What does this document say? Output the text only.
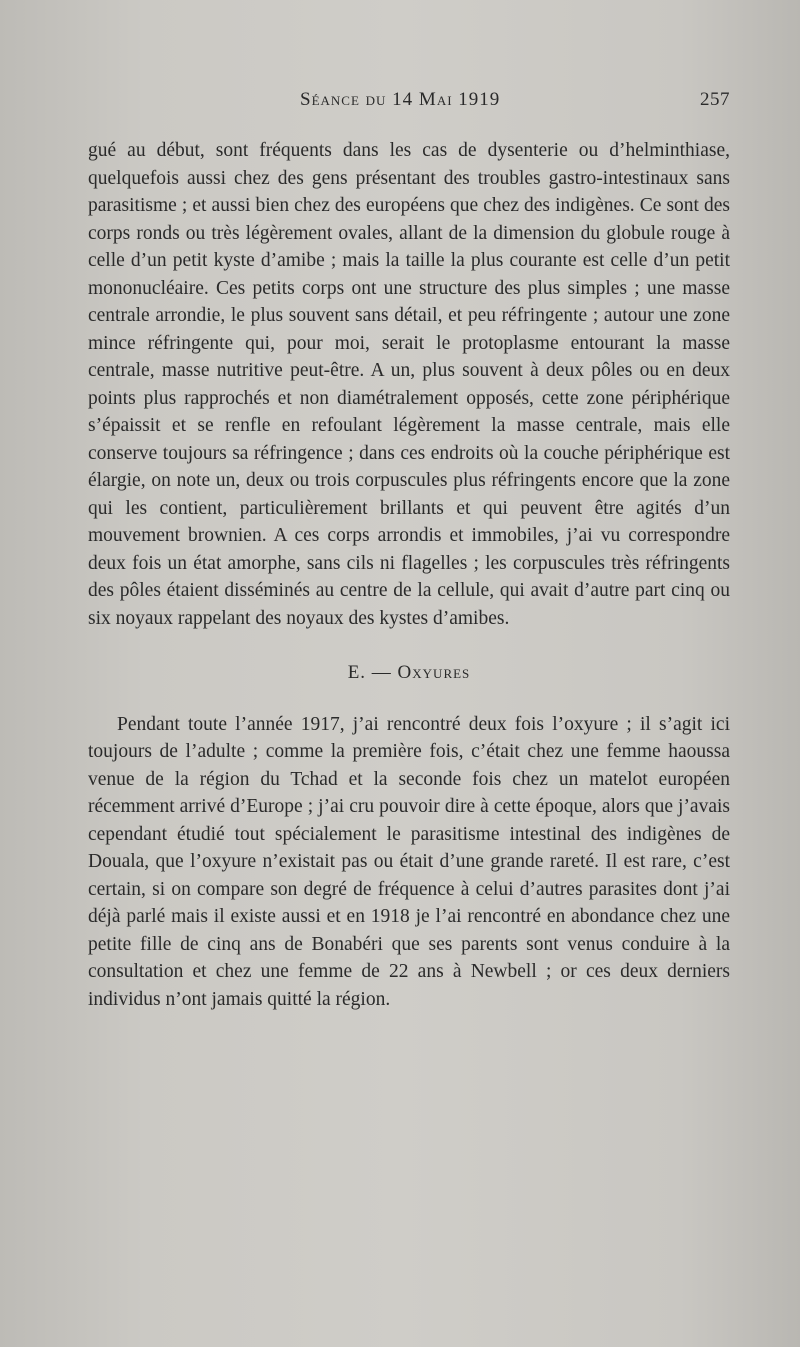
Séance du 14 Mai 1919	257

gué au début, sont fréquents dans les cas de dysenterie ou d’helminthiase, quelquefois aussi chez des gens présentant des troubles gastro-intestinaux sans parasitisme ; et aussi bien chez des européens que chez des indigènes. Ce sont des corps ronds ou très légèrement ovales, allant de la dimension du globule rouge à celle d’un petit kyste d’amibe ; mais la taille la plus courante est celle d’un petit mononucléaire. Ces petits corps ont une structure des plus simples ; une masse centrale arrondie, le plus souvent sans détail, et peu réfringente ; autour une zone mince réfringente qui, pour moi, serait le protoplasme entourant la masse centrale, masse nutritive peut-être. A un, plus souvent à deux pôles ou en deux points plus rapprochés et non diamétralement opposés, cette zone périphérique s’épaissit et se renfle en refoulant légèrement la masse centrale, mais elle conserve toujours sa réfringence ; dans ces endroits où la couche périphérique est élargie, on note un, deux ou trois corpuscules plus réfringents encore que la zone qui les contient, particulièrement brillants et qui peuvent être agités d’un mouvement brownien. A ces corps arrondis et immobiles, j’ai vu correspondre deux fois un état amorphe, sans cils ni flagelles ; les corpuscules très réfringents des pôles étaient disséminés au centre de la cellule, qui avait d’autre part cinq ou six noyaux rappelant des noyaux des kystes d’amibes.

E. — Oxyures

Pendant toute l’année 1917, j’ai rencontré deux fois l’oxyure ; il s’agit ici toujours de l’adulte ; comme la première fois, c’était chez une femme haoussa venue de la région du Tchad et la seconde fois chez un matelot européen récemment arrivé d’Europe ; j’ai cru pouvoir dire à cette époque, alors que j’avais cependant étudié tout spécialement le parasitisme intestinal des indigènes de Douala, que l’oxyure n’existait pas ou était d’une grande rareté. Il est rare, c’est certain, si on compare son degré de fréquence à celui d’autres parasites dont j’ai déjà parlé mais il existe aussi et en 1918 je l’ai rencontré en abondance chez une petite fille de cinq ans de Bonabéri que ses parents sont venus conduire à la consultation et chez une femme de 22 ans à Newbell ; or ces deux derniers individus n’ont jamais quitté la région.
